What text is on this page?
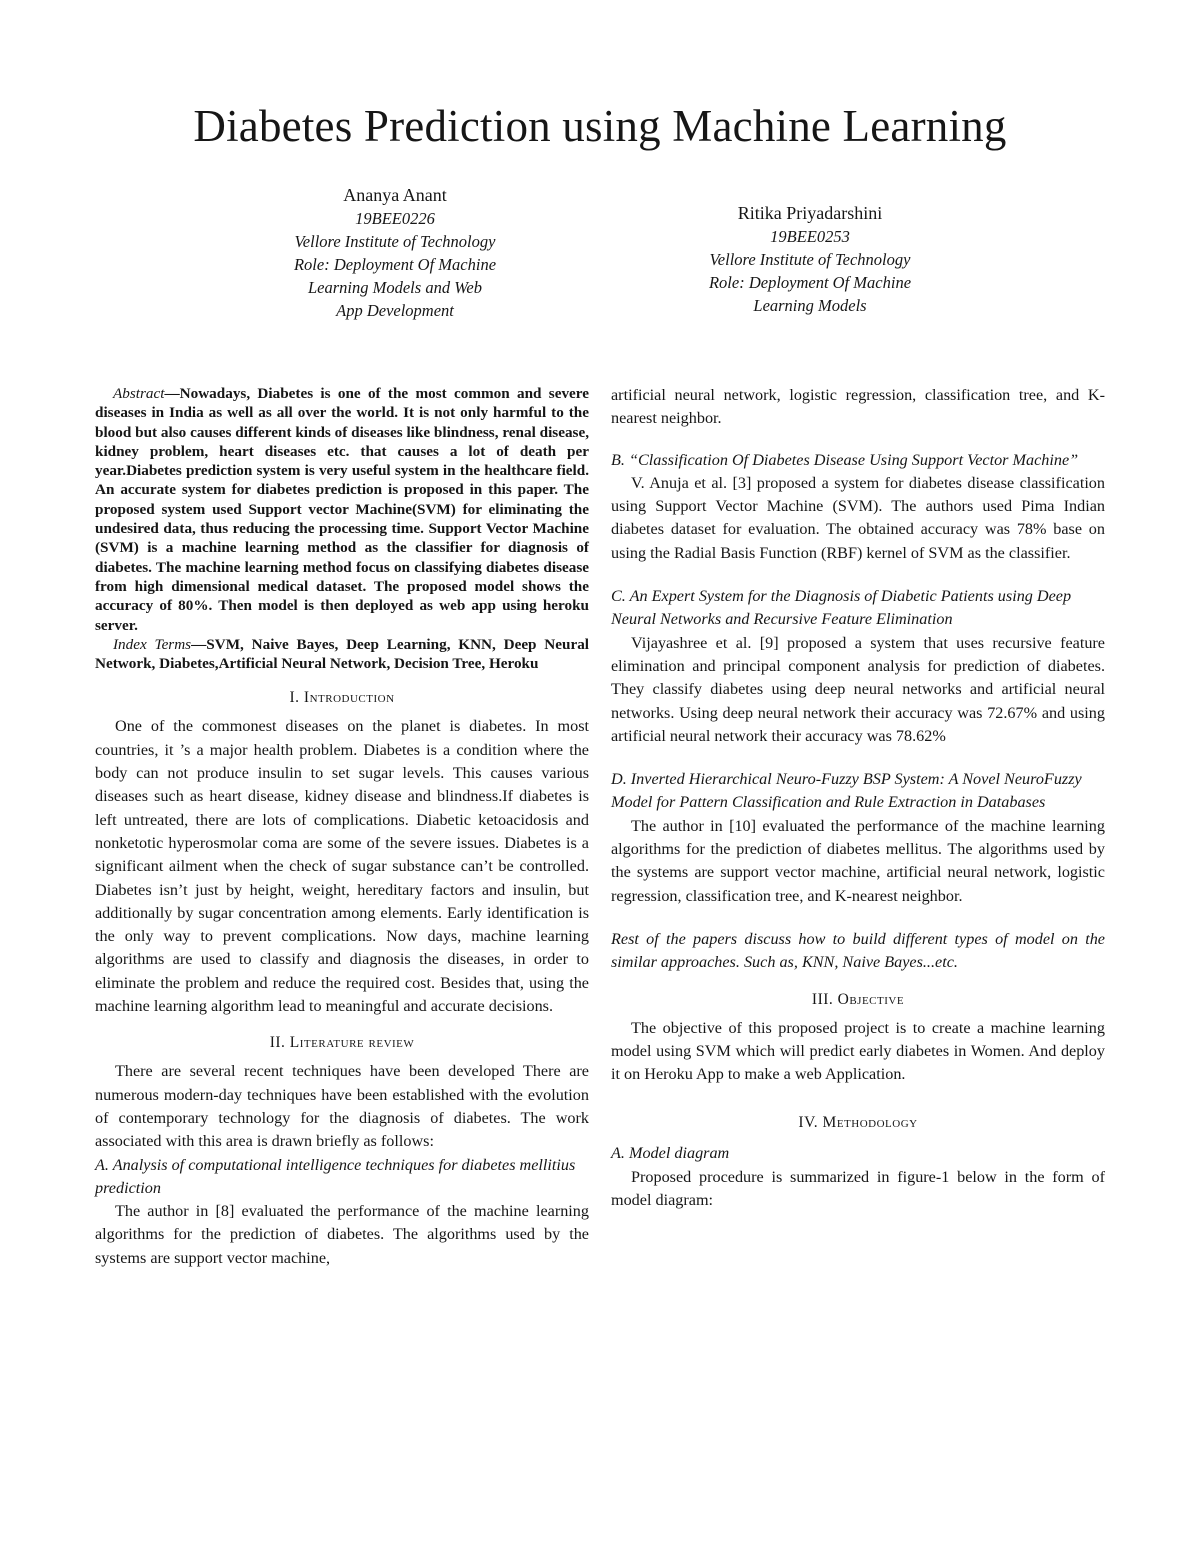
Diabetes Prediction using Machine Learning
Ananya Anant
19BEE0226
Vellore Institute of Technology
Role: Deployment Of Machine
Learning Models and Web
App Development
Ritika Priyadarshini
19BEE0253
Vellore Institute of Technology
Role: Deployment Of Machine
Learning Models

Abstract—Nowadays, Diabetes is one of the most common and severe diseases in India as well as all over the world. It is not only harmful to the blood but also causes different kinds of diseases like blindness, renal disease, kidney problem, heart diseases etc. that causes a lot of death per year.Diabetes prediction system is very useful system in the healthcare field. An accurate system for diabetes prediction is proposed in this paper. The proposed system used Support vector Machine(SVM) for eliminating the undesired data, thus reducing the processing time. Support Vector Machine (SVM) is a machine learning method as the classifier for diagnosis of diabetes. The machine learning method focus on classifying diabetes disease from high dimensional medical dataset. The proposed model shows the accuracy of 80%. Then model is then deployed as web app using heroku server.

Index Terms—SVM, Naive Bayes, Deep Learning, KNN, Deep Neural Network, Diabetes,Artificial Neural Network, Decision Tree, Heroku

I. Introduction

One of the commonest diseases on the planet is diabetes. In most countries, it ’s a major health problem. Diabetes is a condition where the body can not produce insulin to set sugar levels. This causes various diseases such as heart disease, kidney disease and blindness.If diabetes is left untreated, there are lots of complications. Diabetic ketoacidosis and nonketotic hyperosmolar coma are some of the severe issues. Diabetes is a significant ailment when the check of sugar substance can’t be controlled. Diabetes isn’t just by height, weight, hereditary factors and insulin, but additionally by sugar concentration among elements. Early identification is the only way to prevent complications. Now days, machine learning algorithms are used to classify and diagnosis the diseases, in order to eliminate the problem and reduce the required cost. Besides that, using the machine learning algorithm lead to meaningful and accurate decisions.

II. Literature review

There are several recent techniques have been developed There are numerous modern-day techniques have been established with the evolution of contemporary technology for the diagnosis of diabetes. The work associated with this area is drawn briefly as follows:

A. Analysis of computational intelligence techniques for diabetes mellitius prediction

The author in [8] evaluated the performance of the machine learning algorithms for the prediction of diabetes. The algorithms used by the systems are support vector machine,

artificial neural network, logistic regression, classification tree, and K-nearest neighbor.

B. “Classification Of Diabetes Disease Using Support Vector Machine”

V. Anuja et al. [3] proposed a system for diabetes disease classification using Support Vector Machine (SVM). The authors used Pima Indian diabetes dataset for evaluation. The obtained accuracy was 78% base on using the Radial Basis Function (RBF) kernel of SVM as the classifier.

C. An Expert System for the Diagnosis of Diabetic Patients using Deep Neural Networks and Recursive Feature Elimination

Vijayashree et al. [9] proposed a system that uses recursive feature elimination and principal component analysis for prediction of diabetes. They classify diabetes using deep neural networks and artificial neural networks. Using deep neural network their accuracy was 72.67% and using artificial neural network their accuracy was 78.62%

D. Inverted Hierarchical Neuro-Fuzzy BSP System: A Novel NeuroFuzzy Model for Pattern Classification and Rule Extraction in Databases

The author in [10] evaluated the performance of the machine learning algorithms for the prediction of diabetes mellitus. The algorithms used by the systems are support vector machine, artificial neural network, logistic regression, classification tree, and K-nearest neighbor.

Rest of the papers discuss how to build different types of model on the similar approaches. Such as, KNN, Naive Bayes...etc.

III. Objective

The objective of this proposed project is to create a machine learning model using SVM which will predict early diabetes in Women. And deploy it on Heroku App to make a web Application.

IV. Methodology

A. Model diagram

Proposed procedure is summarized in figure-1 below in the form of model diagram:
